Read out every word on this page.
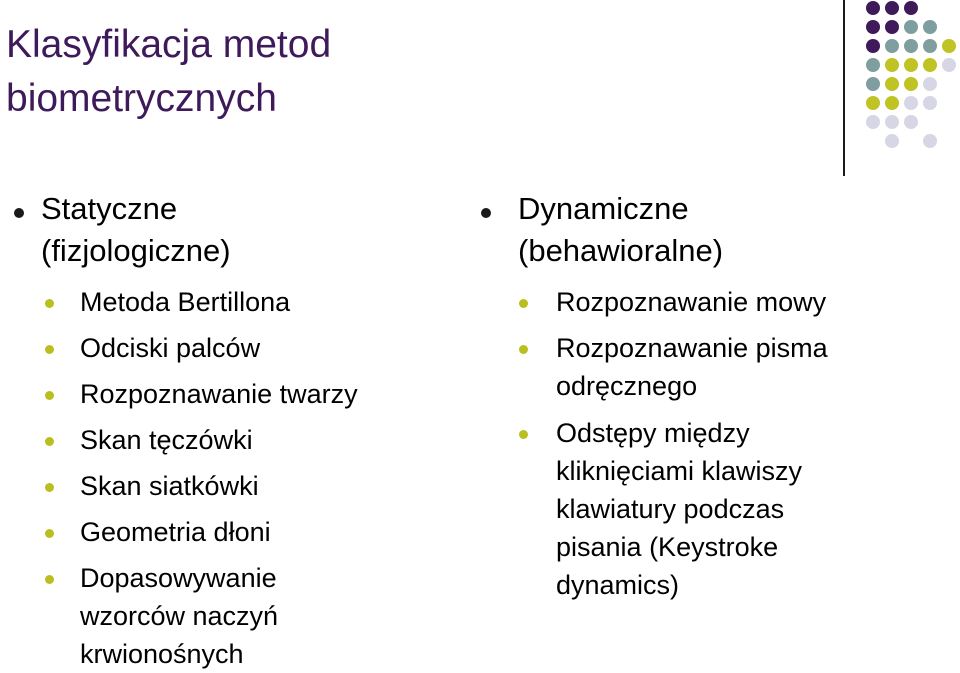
Klasyfikacja metod
biometrycznych
Statyczne
(fizjologiczne)
Metoda Bertillona
Odciski palców
Rozpoznawanie twarzy
Skan tęczówki
Skan siatkówki
Geometria dłoni
Dopasowywanie
wzorców naczyń
krwionośnych
Dynamiczne
(behawioralne)
Rozpoznawanie mowy
Rozpoznawanie pisma
odręcznego
Odstępy między
kliknięciami klawiszy
klawiatury podczas
pisania (Keystroke
dynamics)
